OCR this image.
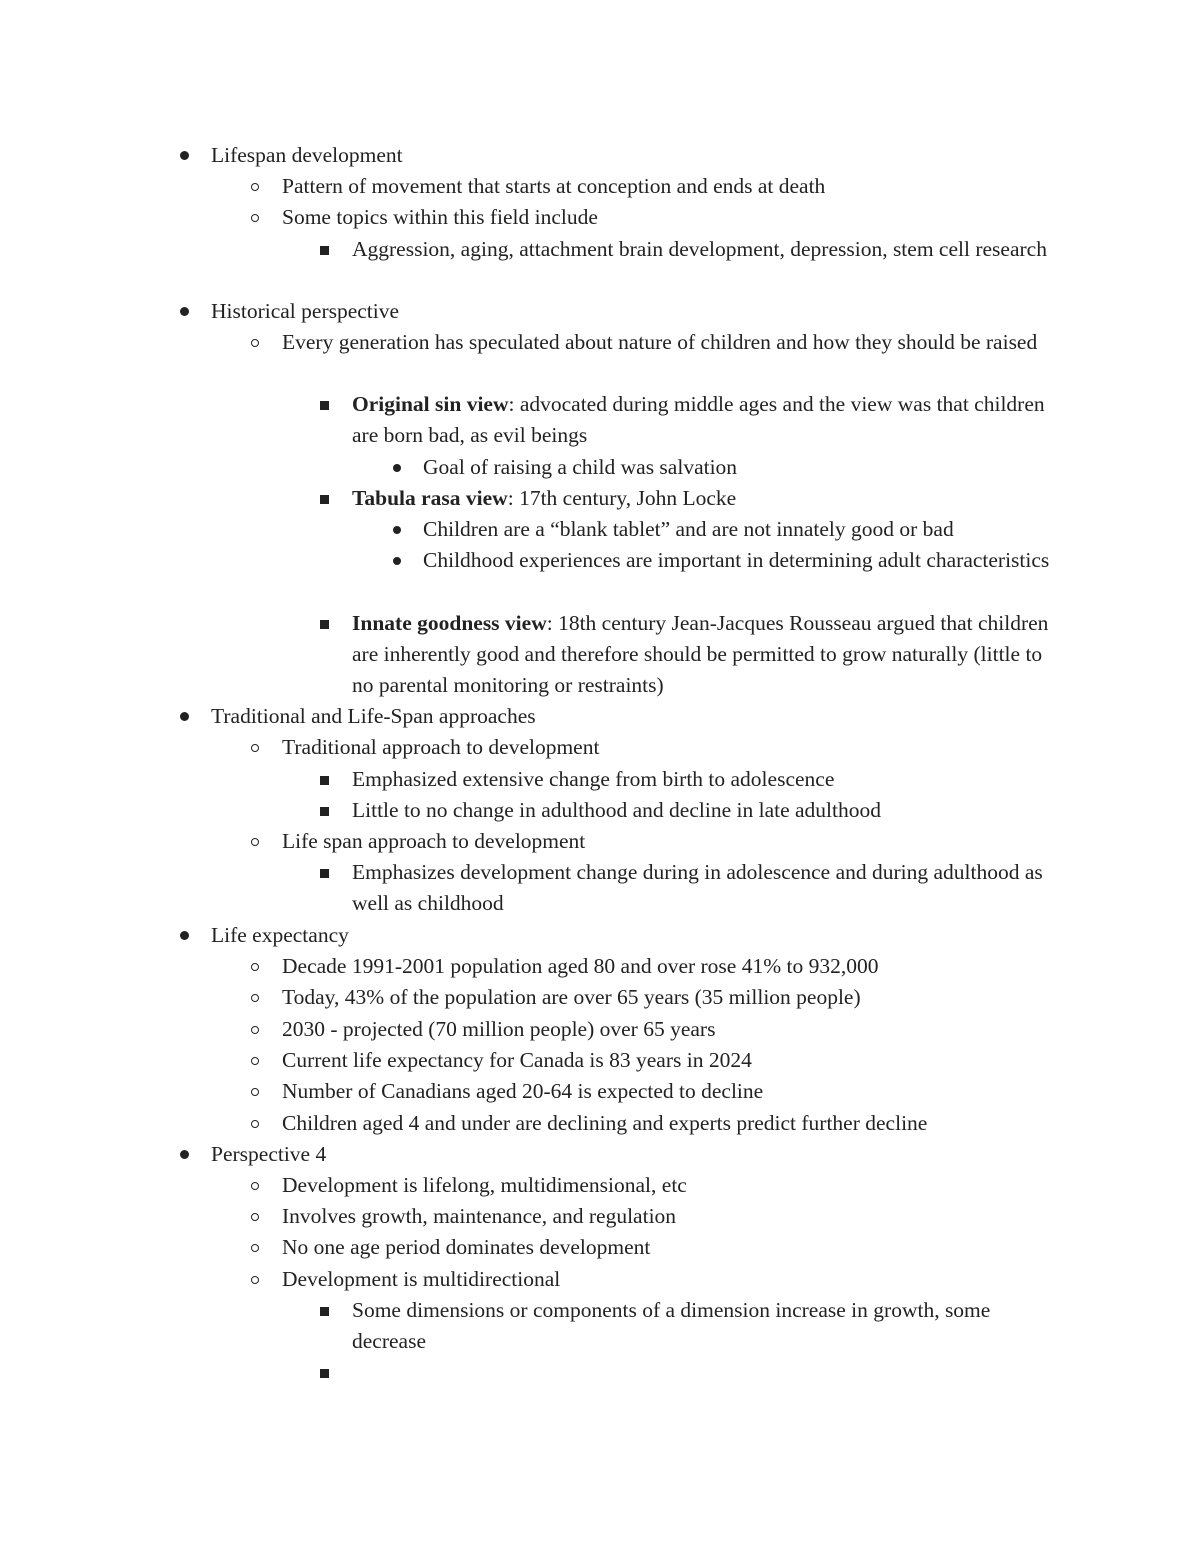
Lifespan development
Pattern of movement that starts at conception and ends at death
Some topics within this field include
Aggression, aging, attachment brain development, depression, stem cell research
Historical perspective
Every generation has speculated about nature of children and how they should be raised
Original sin view: advocated during middle ages and the view was that children are born bad, as evil beings
Goal of raising a child was salvation
Tabula rasa view: 17th century, John Locke
Children are a “blank tablet” and are not innately good or bad
Childhood experiences are important in determining adult characteristics
Innate goodness view: 18th century Jean-Jacques Rousseau argued that children are inherently good and therefore should be permitted to grow naturally (little to no parental monitoring or restraints)
Traditional and Life-Span approaches
Traditional approach to development
Emphasized extensive change from birth to adolescence
Little to no change in adulthood and decline in late adulthood
Life span approach to development
Emphasizes development change during in adolescence and during adulthood as well as childhood
Life expectancy
Decade 1991-2001 population aged 80 and over rose 41% to 932,000
Today, 43% of the population are over 65 years (35 million people)
2030 - projected (70 million people) over 65 years
Current life expectancy for Canada is 83 years in 2024
Number of Canadians aged 20-64 is expected to decline
Children aged 4 and under are declining and experts predict further decline
Perspective 4
Development is lifelong, multidimensional, etc
Involves growth, maintenance, and regulation
No one age period dominates development
Development is multidirectional
Some dimensions or components of a dimension increase in growth, some decrease
